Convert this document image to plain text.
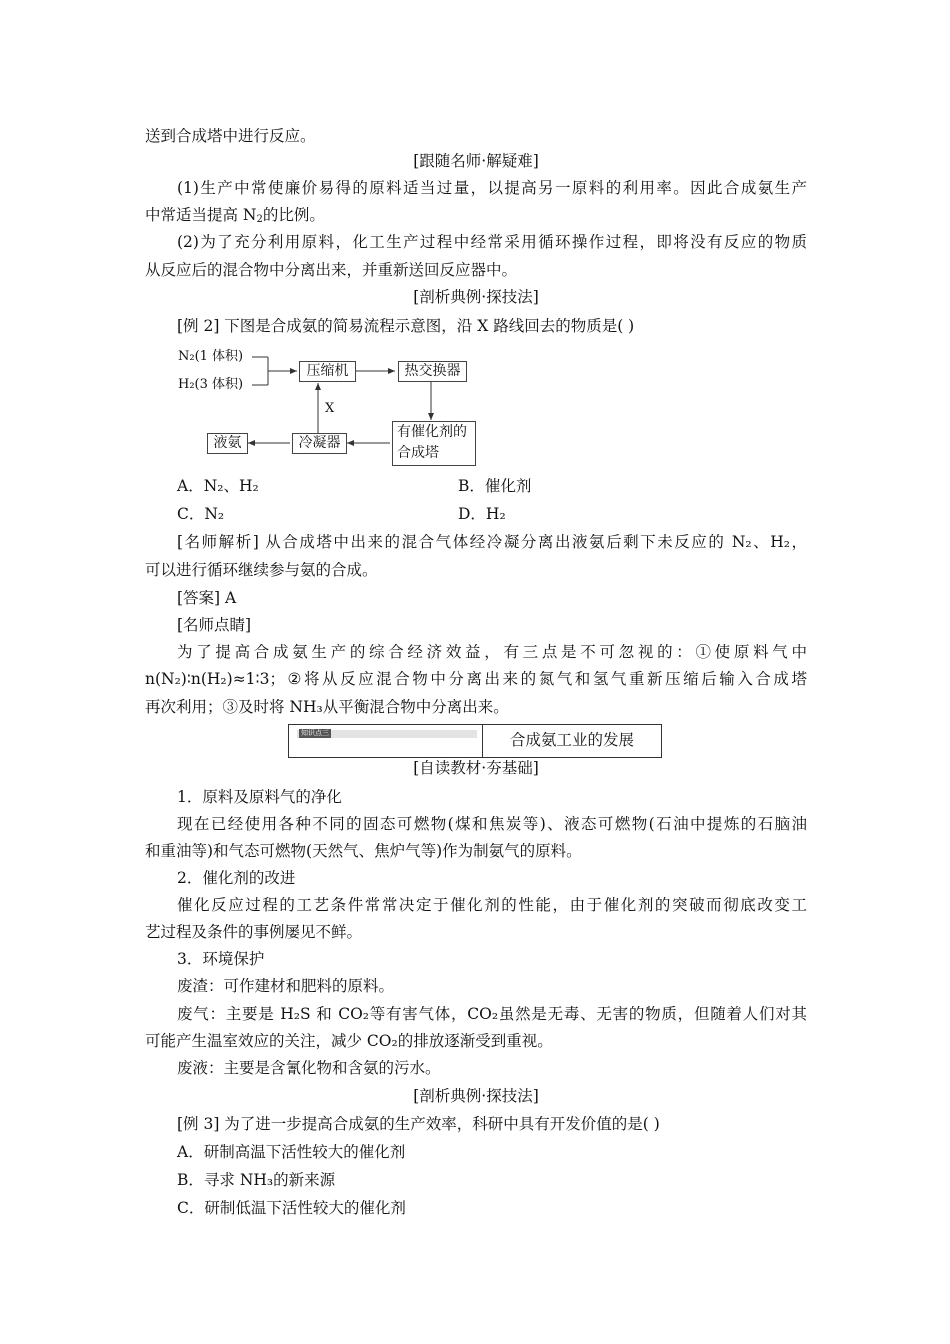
送到合成塔中进行反应。
[跟随名师·解疑难]
(1)生产中常使廉价易得的原料适当过量，以提高另一原料的利用率。因此合成氨生产
中常适当提高 $N_2$的比例。
(2)为了充分利用原料，化工生产过程中经常采用循环操作过程，即将没有反应的物质
从反应后的混合物中分离出来，并重新送回反应器中。
[剖析典例·探技法]
[例 2] 下图是合成氨的简易流程示意图，沿 X 路线回去的物质是( )
N₂(1 体积)
H₂(3 体积)
压缩机	热交换器
X
有催化剂的
合成塔
冷凝器
液氨
A．N₂、H₂	B．催化剂
C．N₂	D．H₂
[名师解析] 从合成塔中出来的混合气体经冷凝分离出液氨后剩下未反应的 N₂、H₂，
可以进行循环继续参与氨的合成。
[答案] A
[名师点睛]
为了提高合成氨生产的综合经济效益，有三点是不可忽视的：①使原料气中
n(N₂)∶n(H₂)≈1∶3；②将从反应混合物中分离出来的氮气和氢气重新压缩后输入合成塔
再次利用；③及时将 NH₃从平衡混合物中分离出来。
知识点三	合成氨工业的发展
[自读教材·夯基础]
1．原料及原料气的净化
现在已经使用各种不同的固态可燃物(煤和焦炭等)、液态可燃物(石油中提炼的石脑油
和重油等)和气态可燃物(天然气、焦炉气等)作为制氨气的原料。
2．催化剂的改进
催化反应过程的工艺条件常常决定于催化剂的性能，由于催化剂的突破而彻底改变工
艺过程及条件的事例屡见不鲜。
3．环境保护
废渣：可作建材和肥料的原料。
废气：主要是 H₂S 和 CO₂等有害气体，CO₂虽然是无毒、无害的物质，但随着人们对其
可能产生温室效应的关注，减少 CO₂的排放逐渐受到重视。
废液：主要是含氰化物和含氨的污水。
[剖析典例·探技法]
[例 3] 为了进一步提高合成氨的生产效率，科研中具有开发价值的是( )
A．研制高温下活性较大的催化剂
B．寻求 NH₃的新来源
C．研制低温下活性较大的催化剂
